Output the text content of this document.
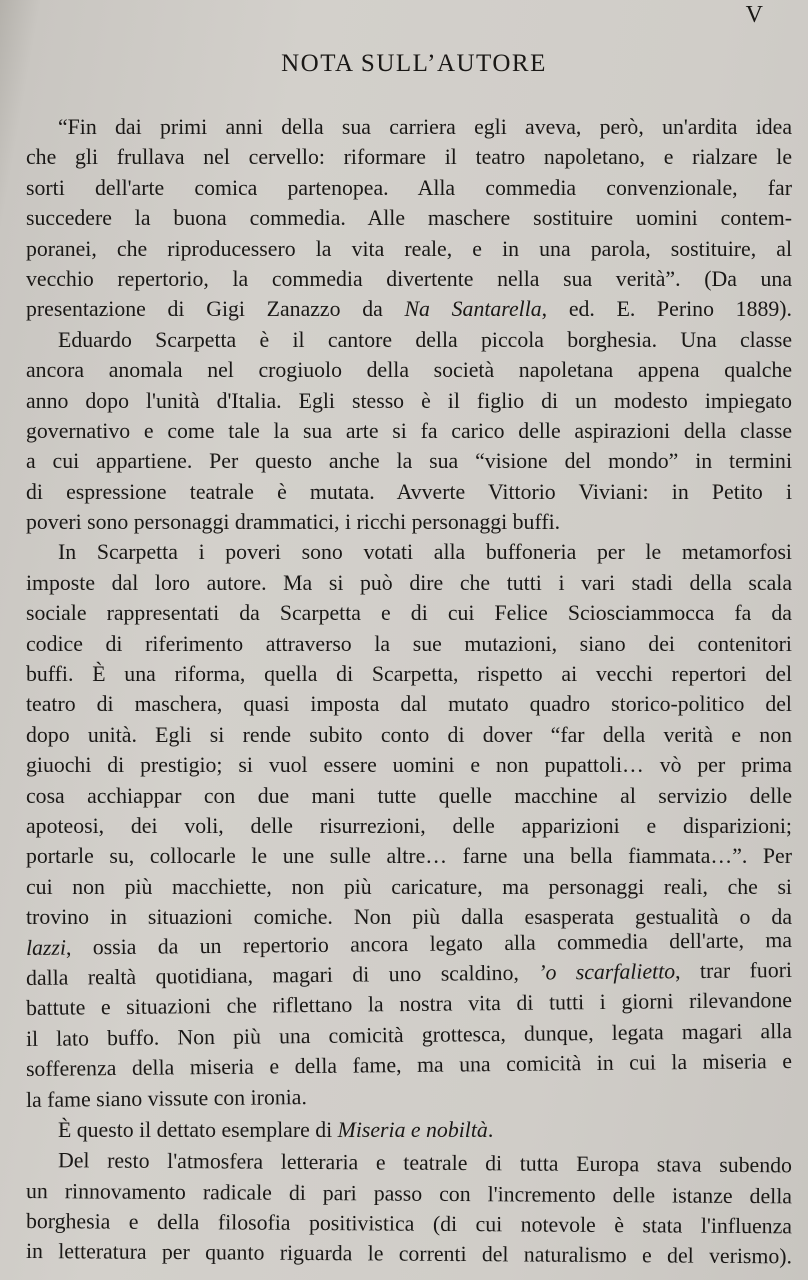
V
NOTA SULL’AUTORE
“Fin dai primi anni della sua carriera egli aveva, però, un'ardita idea
che gli frullava nel cervello: riformare il teatro napoletano, e rialzare le
sorti dell'arte comica partenopea. Alla commedia convenzionale, far
succedere la buona commedia. Alle maschere sostituire uomini contem-
poranei, che riproducessero la vita reale, e in una parola, sostituire, al
vecchio repertorio, la commedia divertente nella sua verità”. (Da una
presentazione di Gigi Zanazzo da Na Santarella, ed. E. Perino 1889).
Eduardo Scarpetta è il cantore della piccola borghesia. Una classe
ancora anomala nel crogiuolo della società napoletana appena qualche
anno dopo l'unità d'Italia. Egli stesso è il figlio di un modesto impiegato
governativo e come tale la sua arte si fa carico delle aspirazioni della classe
a cui appartiene. Per questo anche la sua “visione del mondo” in termini
di espressione teatrale è mutata. Avverte Vittorio Viviani: in Petito i
poveri sono personaggi drammatici, i ricchi personaggi buffi.
In Scarpetta i poveri sono votati alla buffoneria per le metamorfosi
imposte dal loro autore. Ma si può dire che tutti i vari stadi della scala
sociale rappresentati da Scarpetta e di cui Felice Sciosciammocca fa da
codice di riferimento attraverso la sue mutazioni, siano dei contenitori
buffi. È una riforma, quella di Scarpetta, rispetto ai vecchi repertori del
teatro di maschera, quasi imposta dal mutato quadro storico-politico del
dopo unità. Egli si rende subito conto di dover “far della verità e non
giuochi di prestigio; si vuol essere uomini e non pupattoli… vò per prima
cosa acchiappar con due mani tutte quelle macchine al servizio delle
apoteosi, dei voli, delle risurrezioni, delle apparizioni e disparizioni;
portarle su, collocarle le une sulle altre… farne una bella fiammata…”. Per
cui non più macchiette, non più caricature, ma personaggi reali, che si
trovino in situazioni comiche. Non più dalla esasperata gestualità o da
lazzi, ossia da un repertorio ancora legato alla commedia dell'arte, ma
dalla realtà quotidiana, magari di uno scaldino, ’o scarfalietto, trar fuori
battute e situazioni che riflettano la nostra vita di tutti i giorni rilevandone
il lato buffo. Non più una comicità grottesca, dunque, legata magari alla
sofferenza della miseria e della fame, ma una comicità in cui la miseria e
la fame siano vissute con ironia.
È questo il dettato esemplare di Miseria e nobiltà.
Del resto l'atmosfera letteraria e teatrale di tutta Europa stava subendo
un rinnovamento radicale di pari passo con l'incremento delle istanze della
borghesia e della filosofia positivistica (di cui notevole è stata l'influenza
in letteratura per quanto riguarda le correnti del naturalismo e del verismo).
